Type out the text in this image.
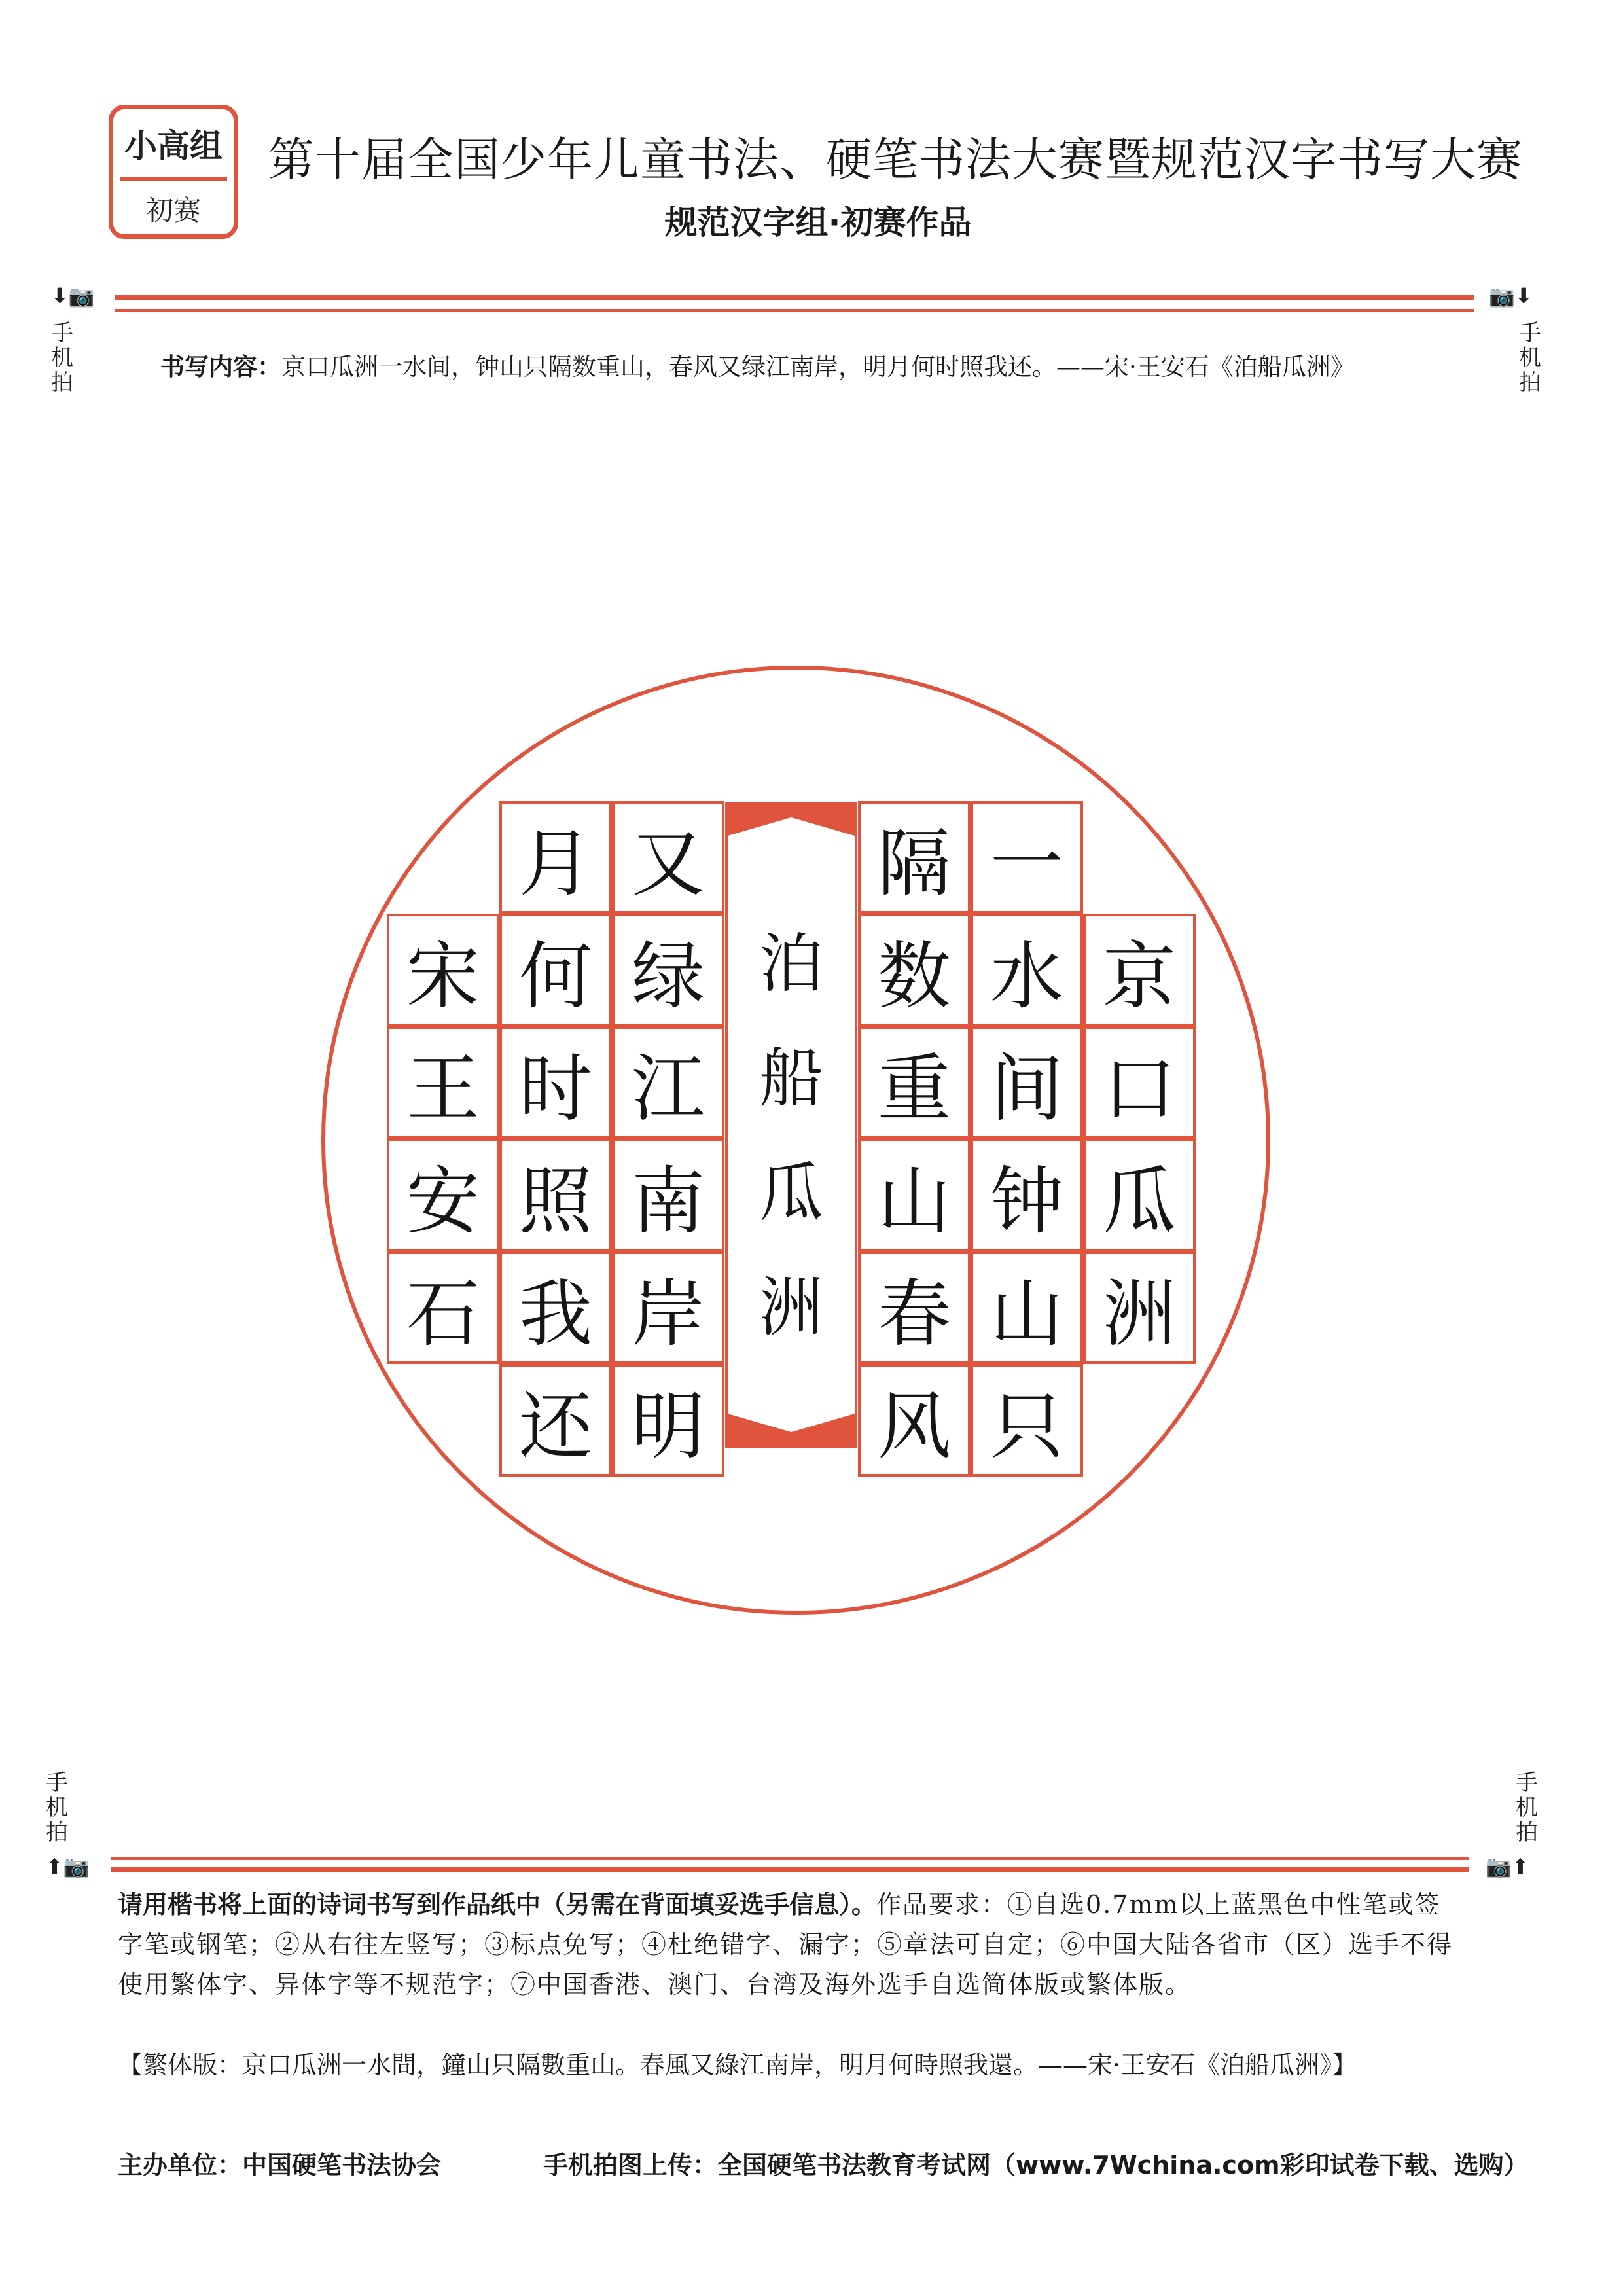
小高组
初赛
第十届全国少年儿童书法、硬笔书法大赛暨规范汉字书写大赛
规范汉字组·初赛作品
⬇📷	📷⬇
手
机
拍
手
机
拍
书写内容：京口瓜洲一水间，钟山只隔数重山，春风又绿江南岸，明月何时照我还。——宋·王安石《泊船瓜洲》
京
口
瓜
洲
一
水
间
钟
山
只
隔
数
重
山
春
风
泊
船
瓜
洲
又
绿
江
南
岸
明
月
何
时
照
我
还
宋
王
安
石
手
机
拍
手
机
拍
⬆📷	📷⬆
请用楷书将上面的诗词书写到作品纸中（另需在背面填妥选手信息）。作品要求：①自选0.7mm以上蓝黑色中性笔或签字笔或钢笔；②从右往左竖写；③标点免写；④杜绝错字、漏字；⑤章法可自定；⑥中国大陆各省市（区）选手不得使用繁体字、异体字等不规范字；⑦中国香港、澳门、台湾及海外选手自选简体版或繁体版。
【繁体版：京口瓜洲一水間，鐘山只隔數重山。春風又綠江南岸，明月何時照我還。——宋·王安石《泊船瓜洲》】
主办单位：中国硬笔书法协会	手机拍图上传：全国硬笔书法教育考试网（www.7Wchina.com彩印试卷下载、选购）
